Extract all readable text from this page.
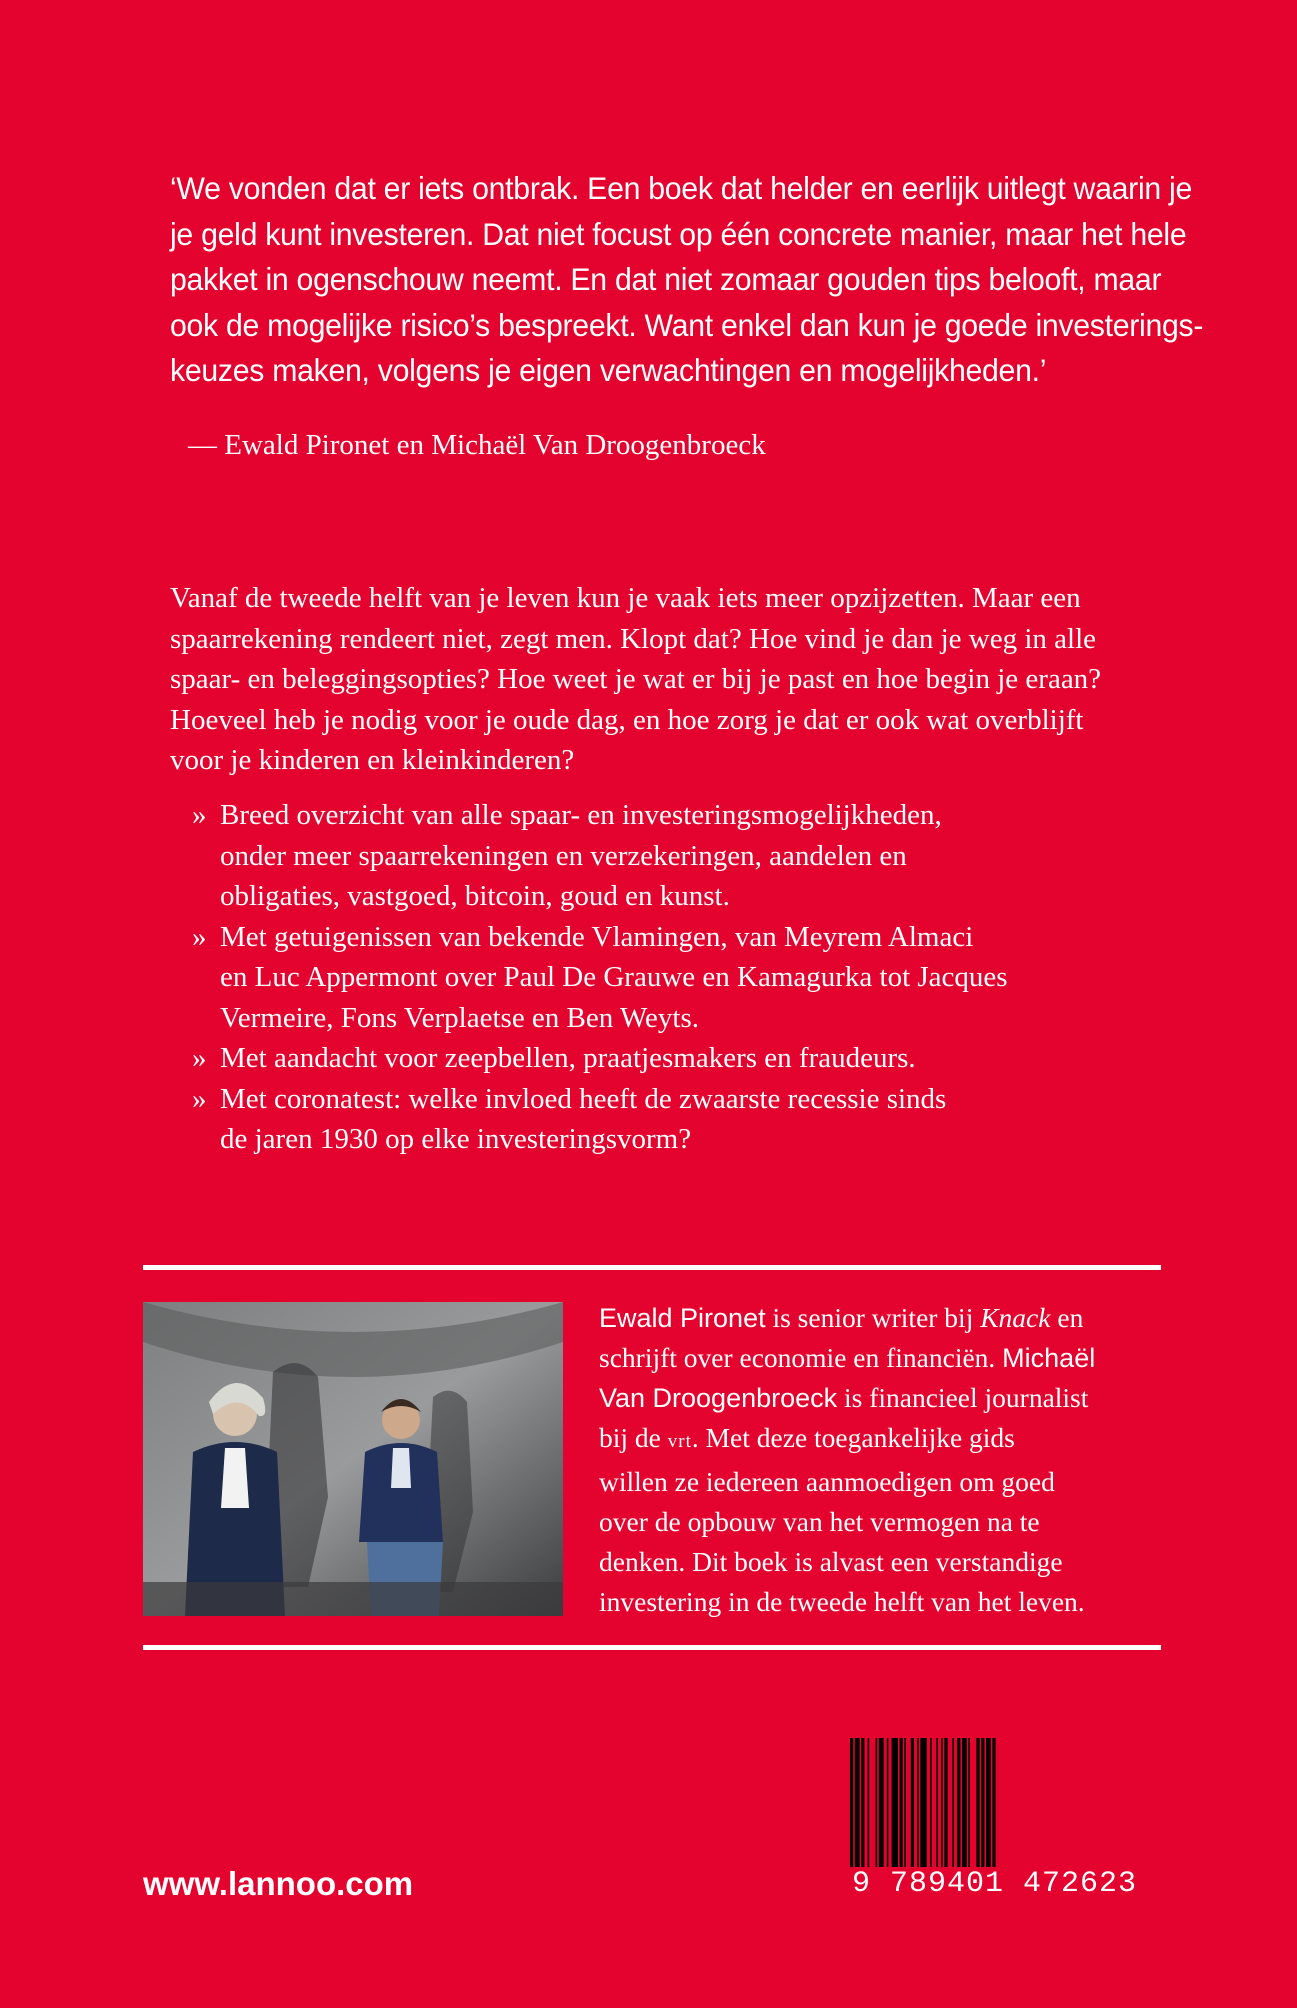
‘We vonden dat er iets ontbrak. Een boek dat helder en eerlijk uitlegt waarin je
je geld kunt investeren. Dat niet focust op één concrete manier, maar het hele
pakket in ogenschouw neemt. En dat niet zomaar gouden tips belooft, maar
ook de mogelijke risico’s bespreekt. Want enkel dan kun je goede investerings-
keuzes maken, volgens je eigen verwachtingen en mogelijkheden.’
— Ewald Pironet en Michaël Van Droogenbroeck
Vanaf de tweede helft van je leven kun je vaak iets meer opzijzetten. Maar een
spaarrekening rendeert niet, zegt men. Klopt dat? Hoe vind je dan je weg in alle
spaar- en beleggingsopties? Hoe weet je wat er bij je past en hoe begin je eraan?
Hoeveel heb je nodig voor je oude dag, en hoe zorg je dat er ook wat overblijft
voor je kinderen en kleinkinderen?
» Breed overzicht van alle spaar- en investeringsmogelijkheden,
onder meer spaarrekeningen en verzekeringen, aandelen en
obligaties, vastgoed, bitcoin, goud en kunst.
» Met getuigenissen van bekende Vlamingen, van Meyrem Almaci
en Luc Appermont over Paul De Grauwe en Kamagurka tot Jacques
Vermeire, Fons Verplaetse en Ben Weyts.
» Met aandacht voor zeepbellen, praatjesmakers en fraudeurs.
» Met coronatest: welke invloed heeft de zwaarste recessie sinds
de jaren 1930 op elke investeringsvorm?
Ewald Pironet is senior writer bij Knack en
schrijft over economie en financiën. Michaël
Van Droogenbroeck is financieel journalist
bij de vrt. Met deze toegankelijke gids
willen ze iedereen aanmoedigen om goed
over de opbouw van het vermogen na te
denken. Dit boek is alvast een verstandige
investering in de tweede helft van het leven.
www.lannoo.com	9 789401 472623
